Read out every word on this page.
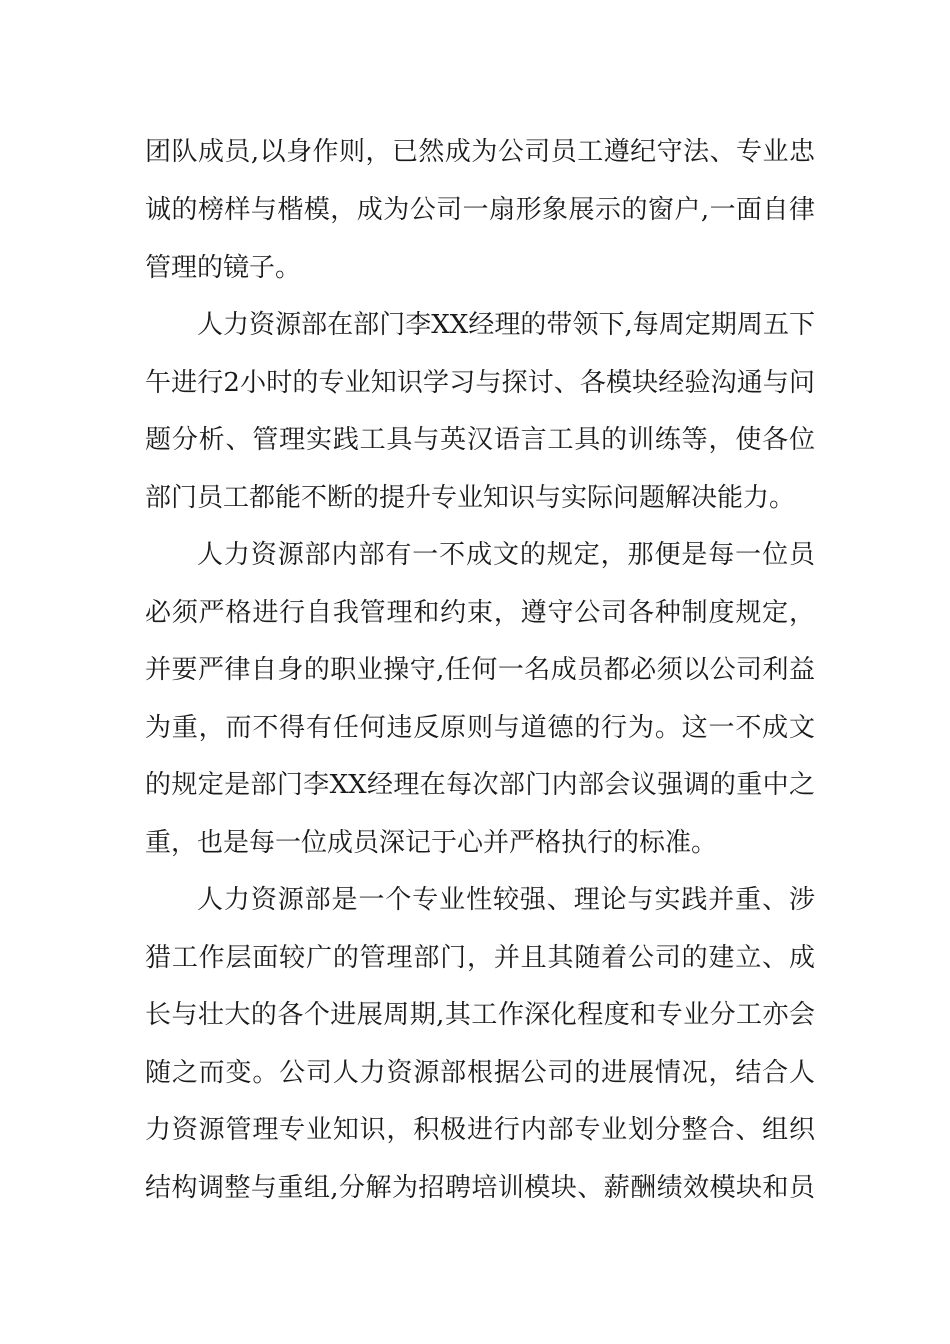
团队成员,以身作则，已然成为公司员工遵纪守法、专业忠
诚的榜样与楷模，成为公司一扇形象展示的窗户,一面自律
管理的镜子。
人力资源部在部门李XX经理的带领下,每周定期周五下
午进行2小时的专业知识学习与探讨、各模块经验沟通与问
题分析、管理实践工具与英汉语言工具的训练等，使各位
部门员工都能不断的提升专业知识与实际问题解决能力。
人力资源部内部有一不成文的规定，那便是每一位员
必须严格进行自我管理和约束，遵守公司各种制度规定，
并要严律自身的职业操守,任何一名成员都必须以公司利益
为重，而不得有任何违反原则与道德的行为。这一不成文
的规定是部门李XX经理在每次部门内部会议强调的重中之
重，也是每一位成员深记于心并严格执行的标准。
人力资源部是一个专业性较强、理论与实践并重、涉
猎工作层面较广的管理部门，并且其随着公司的建立、成
长与壮大的各个进展周期,其工作深化程度和专业分工亦会
随之而变。公司人力资源部根据公司的进展情况，结合人
力资源管理专业知识，积极进行内部专业划分整合、组织
结构调整与重组,分解为招聘培训模块、薪酬绩效模块和员
